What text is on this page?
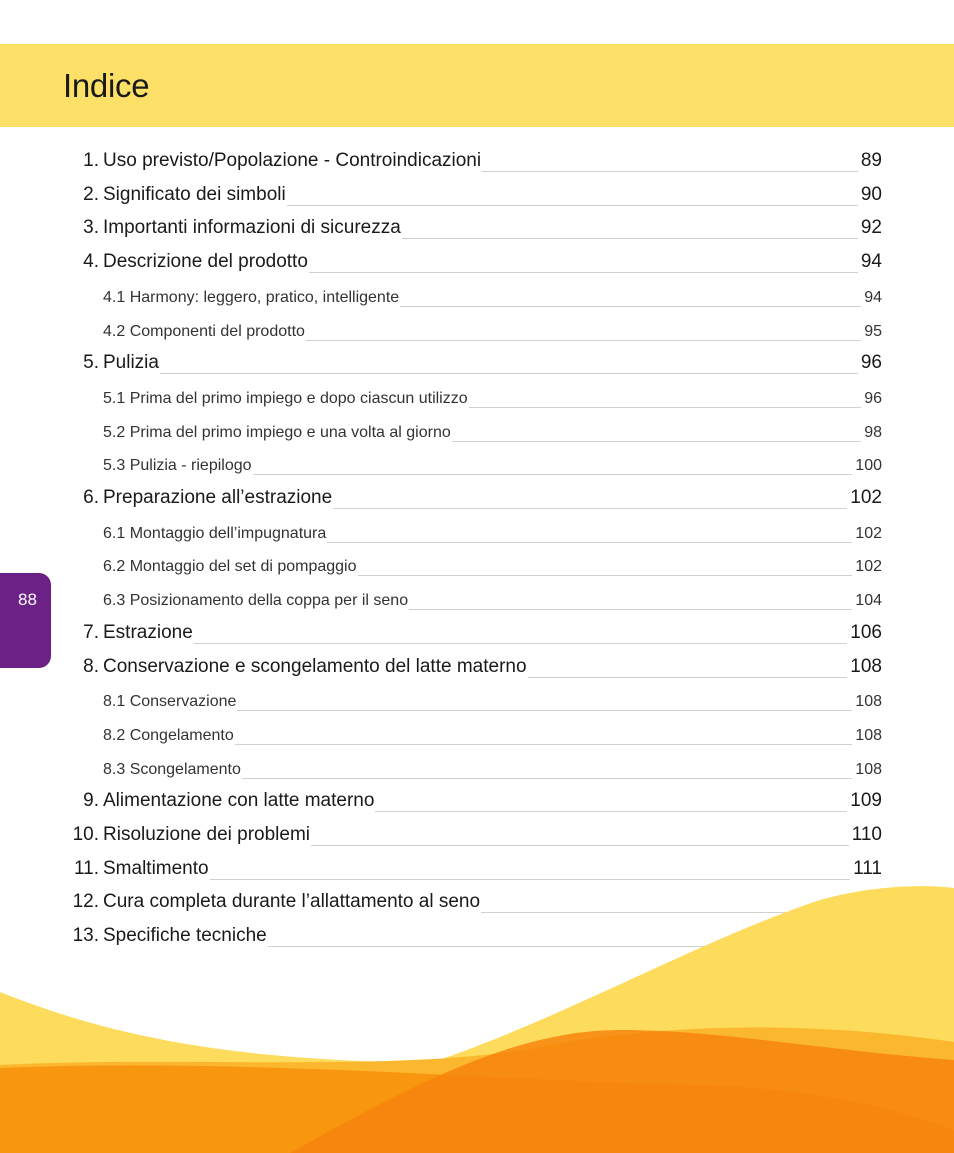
Indice
88
1. Uso previsto/Popolazione - Controindicazioni	89
2. Significato dei simboli	90
3. Importanti informazioni di sicurezza	92
4. Descrizione del prodotto	94
4.1 Harmony: leggero, pratico, intelligente	94
4.2 Componenti del prodotto	95
5. Pulizia	96
5.1 Prima del primo impiego e dopo ciascun utilizzo	96
5.2 Prima del primo impiego e una volta al giorno	98
5.3 Pulizia - riepilogo	100
6. Preparazione all’estrazione	102
6.1 Montaggio dell’impugnatura	102
6.2 Montaggio del set di pompaggio	102
6.3 Posizionamento della coppa per il seno	104
7. Estrazione	106
8. Conservazione e scongelamento del latte materno	108
8.1 Conservazione	108
8.2 Congelamento	108
8.3 Scongelamento	108
9. Alimentazione con latte materno	109
10. Risoluzione dei problemi	110
11. Smaltimento	111
12. Cura completa durante l’allattamento al seno
13. Specifiche tecniche
